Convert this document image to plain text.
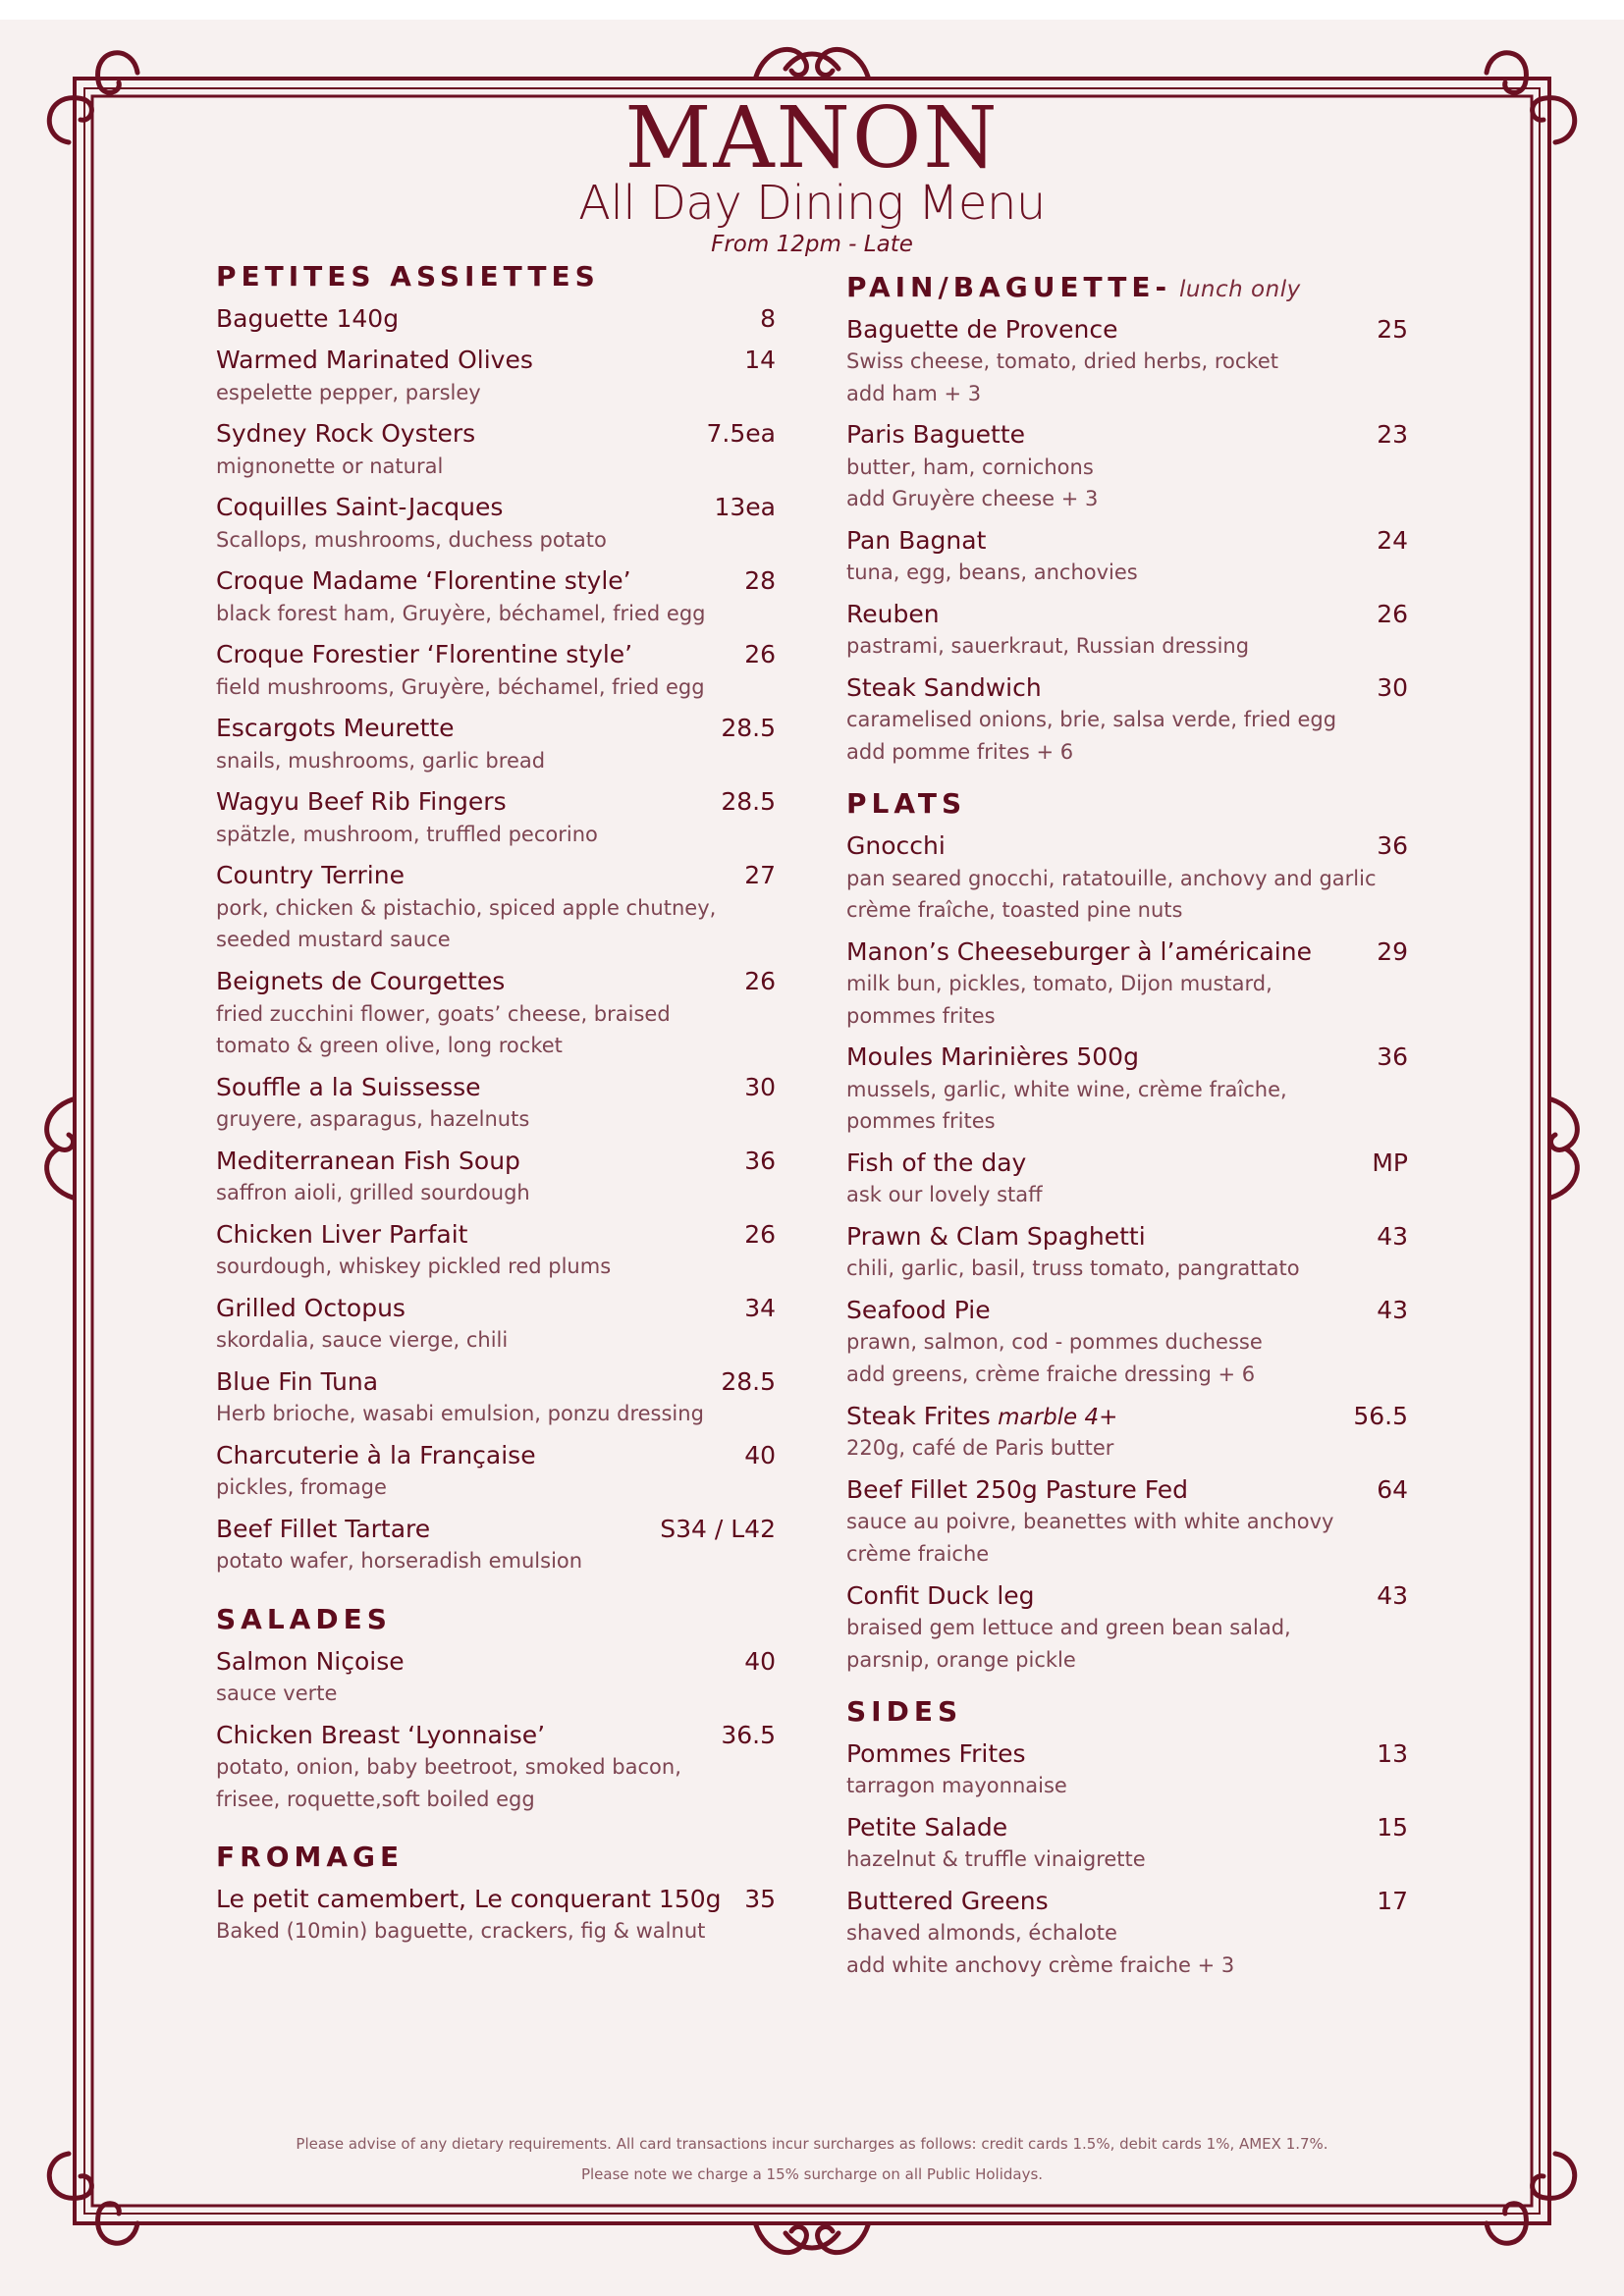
MANON
All Day Dining Menu
From 12pm - Late
PETITES ASSIETTES
Baguette 140g	8
Warmed Marinated Olives	14
espelette pepper, parsley
Sydney Rock Oysters	7.5ea
mignonette or natural
Coquilles Saint-Jacques	13ea
Scallops, mushrooms, duchess potato
Croque Madame ‘Florentine style’	28
black forest ham, Gruyère, béchamel, fried egg
Croque Forestier ‘Florentine style’	26
field mushrooms, Gruyère, béchamel, fried egg
Escargots Meurette	28.5
snails, mushrooms, garlic bread
Wagyu Beef Rib Fingers	28.5
spätzle, mushroom, truffled pecorino
Country Terrine	27
pork, chicken & pistachio, spiced apple chutney,
seeded mustard sauce
Beignets de Courgettes	26
fried zucchini flower, goats’ cheese, braised
tomato & green olive, long rocket
Souffle a la Suissesse	30
gruyere, asparagus, hazelnuts
Mediterranean Fish Soup	36
saffron aioli, grilled sourdough
Chicken Liver Parfait	26
sourdough, whiskey pickled red plums
Grilled Octopus	34
skordalia, sauce vierge, chili
Blue Fin Tuna	28.5
Herb brioche, wasabi emulsion, ponzu dressing
Charcuterie à la Française	40
pickles, fromage
Beef Fillet Tartare	S34 / L42
potato wafer, horseradish emulsion
SALADES
Salmon Niçoise	40
sauce verte
Chicken Breast ‘Lyonnaise’	36.5
potato, onion, baby beetroot, smoked bacon,
frisee, roquette,soft boiled egg
FROMAGE
Le petit camembert, Le conquerant 150g 35
Baked (10min) baguette, crackers, fig & walnut
PAIN/BAGUETTE- lunch only
Baguette de Provence	25
Swiss cheese, tomato, dried herbs, rocket
add ham + 3
Paris Baguette	23
butter, ham, cornichons
add Gruyère cheese + 3
Pan Bagnat	24
tuna, egg, beans, anchovies
Reuben	26
pastrami, sauerkraut, Russian dressing
Steak Sandwich	30
caramelised onions, brie, salsa verde, fried egg
add pomme frites + 6
PLATS
Gnocchi	36
pan seared gnocchi, ratatouille, anchovy and garlic
crème fraîche, toasted pine nuts
Manon’s Cheeseburger à l’américaine	29
milk bun, pickles, tomato, Dijon mustard,
pommes frites
Moules Marinières 500g	36
mussels, garlic, white wine, crème fraîche,
pommes frites
Fish of the day	MP
ask our lovely staff
Prawn & Clam Spaghetti	43
chili, garlic, basil, truss tomato, pangrattato
Seafood Pie	43
prawn, salmon, cod - pommes duchesse
add greens, crème fraiche dressing + 6
Steak Frites marble 4+	56.5
220g, café de Paris butter
Beef Fillet 250g Pasture Fed	64
sauce au poivre, beanettes with white anchovy
crème fraiche
Confit Duck leg	43
braised gem lettuce and green bean salad,
parsnip, orange pickle
SIDES
Pommes Frites	13
tarragon mayonnaise
Petite Salade	15
hazelnut & truffle vinaigrette
Buttered Greens	17
shaved almonds, échalote
add white anchovy crème fraiche + 3
Please advise of any dietary requirements. All card transactions incur surcharges as follows: credit cards 1.5%, debit cards 1%, AMEX 1.7%.
Please note we charge a 15% surcharge on all Public Holidays.
